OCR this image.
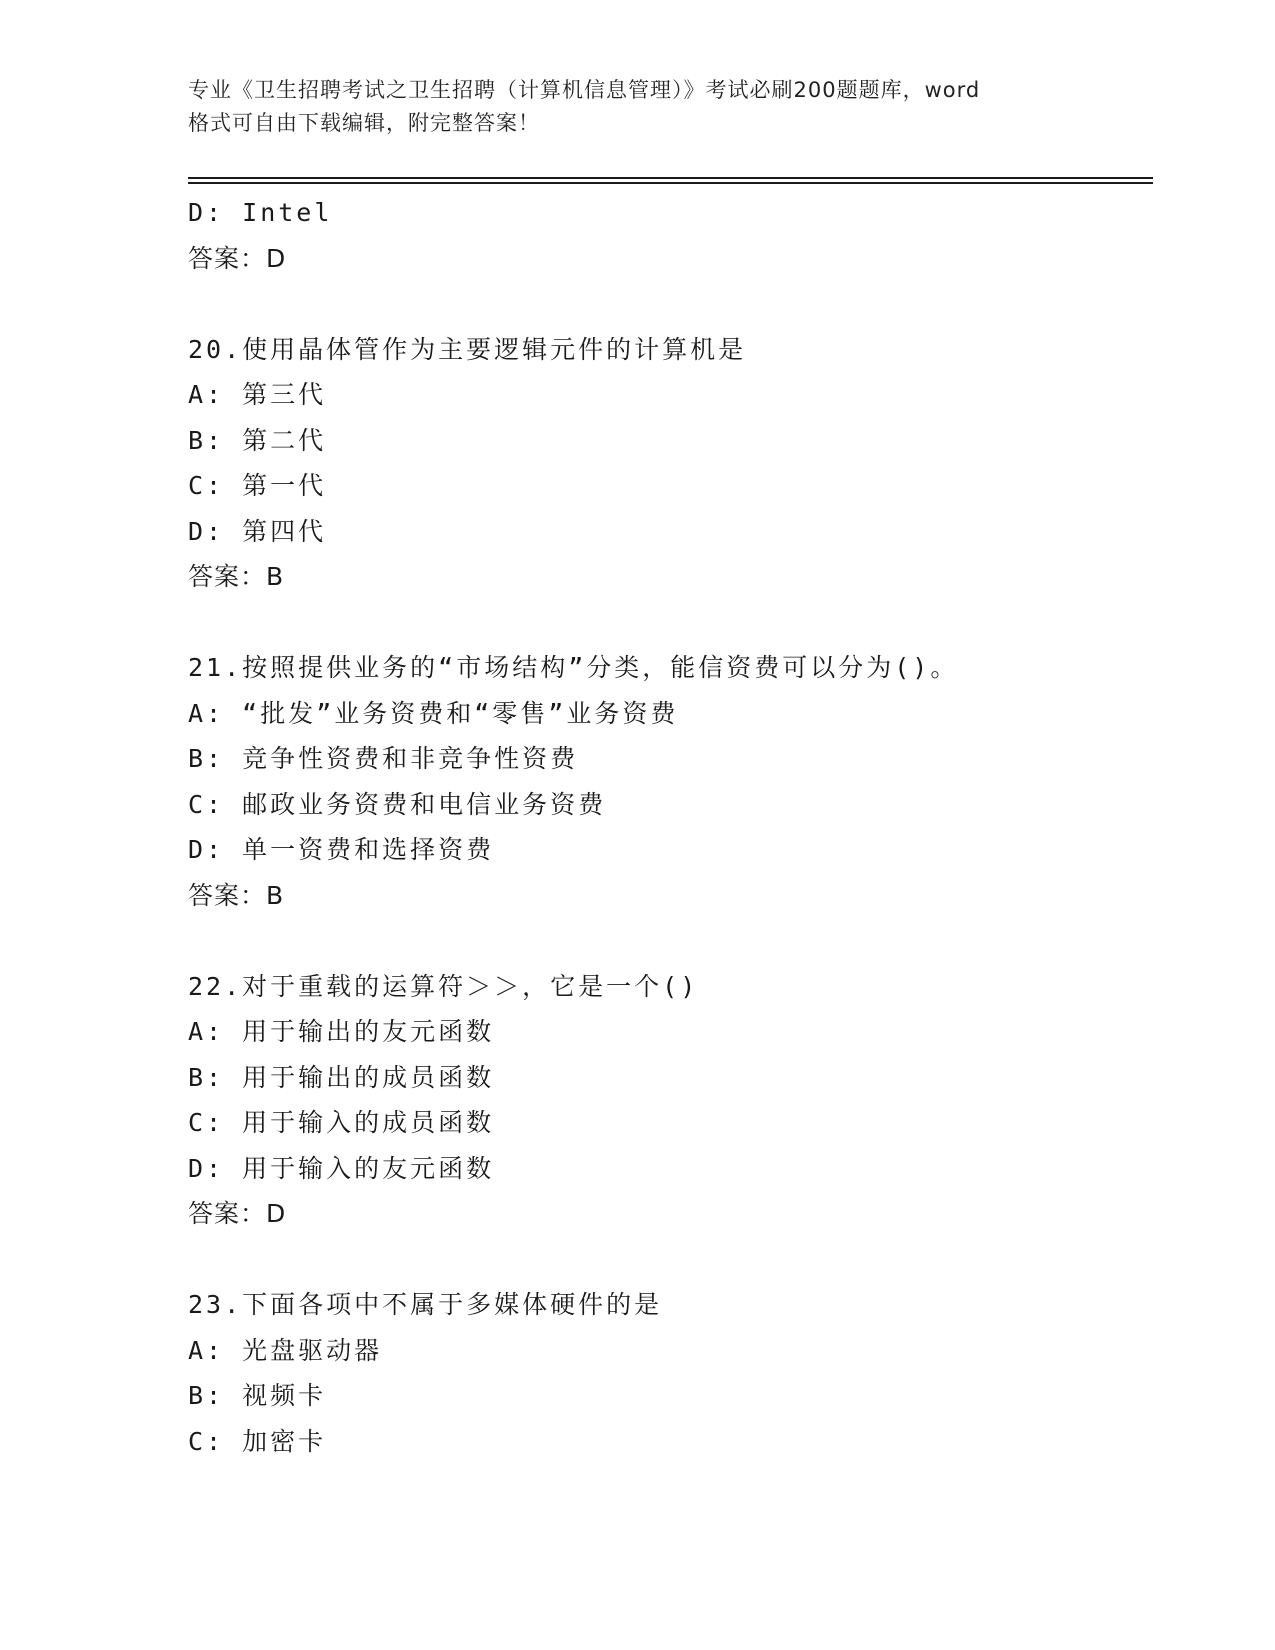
专业《卫生招聘考试之卫生招聘（计算机信息管理）》考试必刷200题题库，word
格式可自由下载编辑，附完整答案！
D: Intel
答案：D
20.使用晶体管作为主要逻辑元件的计算机是
A: 第三代
B: 第二代
C: 第一代
D: 第四代
答案：B
21.按照提供业务的“市场结构”分类，能信资费可以分为()。
A: “批发”业务资费和“零售”业务资费
B: 竞争性资费和非竞争性资费
C: 邮政业务资费和电信业务资费
D: 单一资费和选择资费
答案：B
22.对于重载的运算符＞＞，它是一个()
A: 用于输出的友元函数
B: 用于输出的成员函数
C: 用于输入的成员函数
D: 用于输入的友元函数
答案：D
23.下面各项中不属于多媒体硬件的是
A: 光盘驱动器
B: 视频卡
C: 加密卡
